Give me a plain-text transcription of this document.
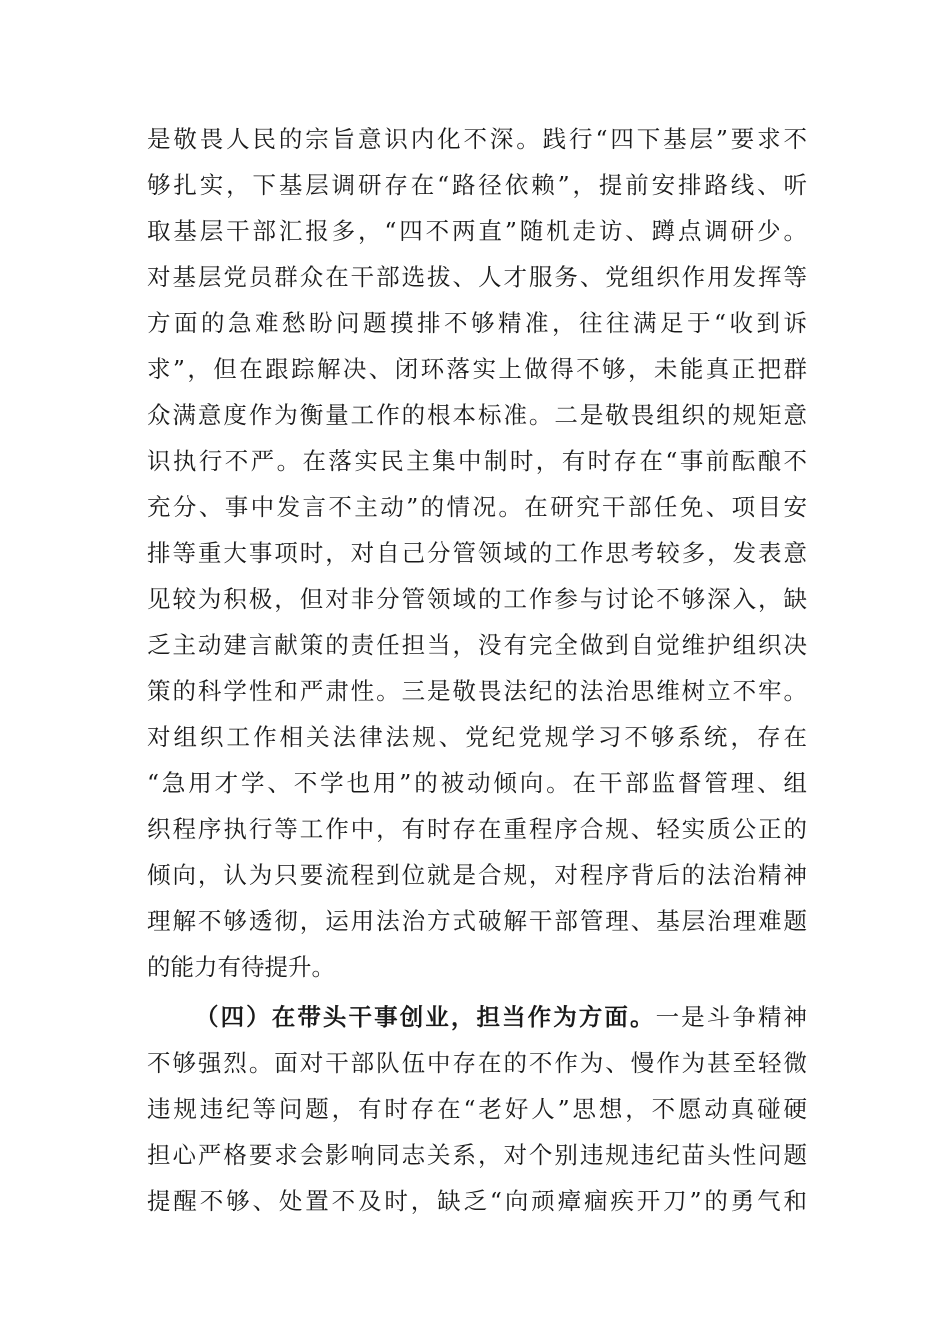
是敬畏人民的宗旨意识内化不深。践行“四下基层”要求不
够扎实，下基层调研存在“路径依赖”，提前安排路线、听
取基层干部汇报多，“四不两直”随机走访、蹲点调研少。
对基层党员群众在干部选拔、人才服务、党组织作用发挥等
方面的急难愁盼问题摸排不够精准，往往满足于“收到诉
求”，但在跟踪解决、闭环落实上做得不够，未能真正把群
众满意度作为衡量工作的根本标准。二是敬畏组织的规矩意
识执行不严。在落实民主集中制时，有时存在“事前酝酿不
充分、事中发言不主动”的情况。在研究干部任免、项目安
排等重大事项时，对自己分管领域的工作思考较多，发表意
见较为积极，但对非分管领域的工作参与讨论不够深入，缺
乏主动建言献策的责任担当，没有完全做到自觉维护组织决
策的科学性和严肃性。三是敬畏法纪的法治思维树立不牢。
对组织工作相关法律法规、党纪党规学习不够系统，存在
“急用才学、不学也用”的被动倾向。在干部监督管理、组
织程序执行等工作中，有时存在重程序合规、轻实质公正的
倾向，认为只要流程到位就是合规，对程序背后的法治精神
理解不够透彻，运用法治方式破解干部管理、基层治理难题
的能力有待提升。
（四）在带头干事创业，担当作为方面。一是斗争精神
不够强烈。面对干部队伍中存在的不作为、慢作为甚至轻微
违规违纪等问题，有时存在“老好人”思想，不愿动真碰硬
担心严格要求会影响同志关系，对个别违规违纪苗头性问题
提醒不够、处置不及时，缺乏“向顽瘴痼疾开刀”的勇气和
